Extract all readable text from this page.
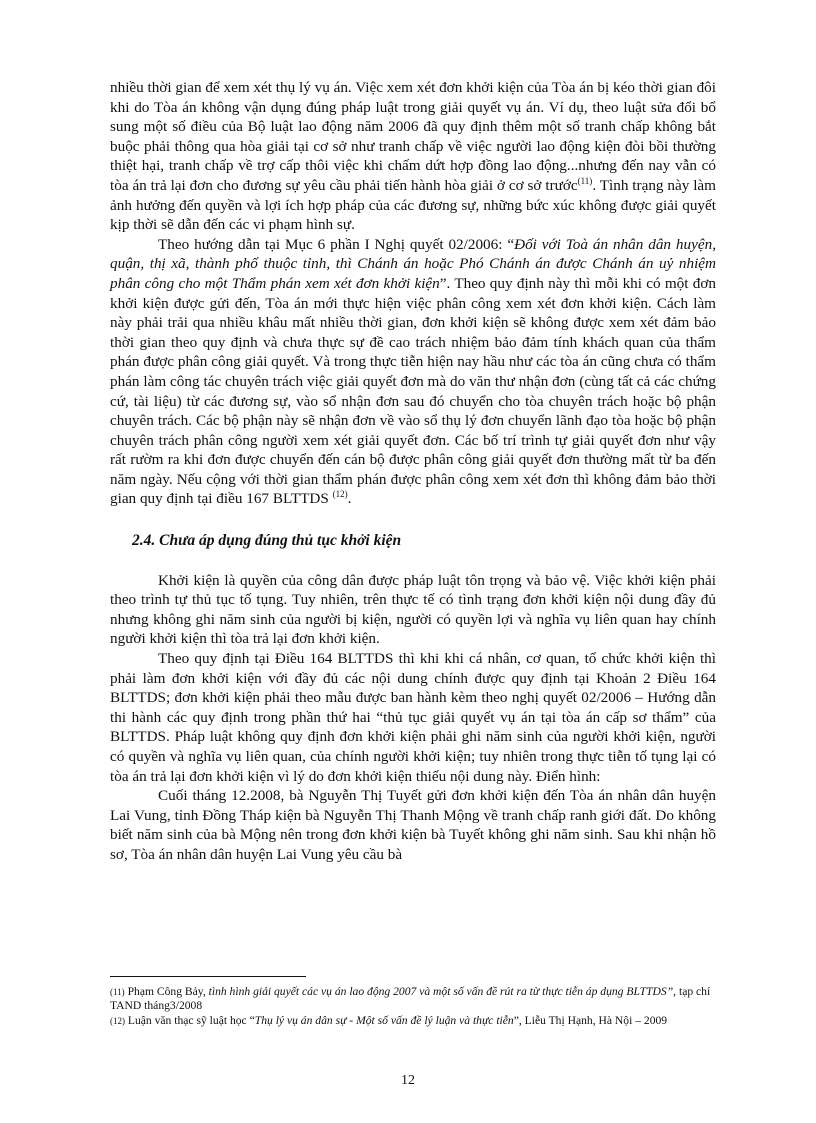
nhiều thời gian để xem xét thụ lý vụ án. Việc xem xét đơn khởi kiện của Tòa án bị kéo thời gian đôi khi do Tòa án không vận dụng đúng pháp luật trong giải quyết vụ án. Ví dụ, theo luật sửa đổi bổ sung một số điều của Bộ luật lao động năm 2006 đã quy định thêm một số tranh chấp không bắt buộc phải thông qua hòa giải tại cơ sở như tranh chấp về việc người lao động kiện đòi bồi thường thiệt hại, tranh chấp về trợ cấp thôi việc khi chấm dứt hợp đồng lao động...nhưng đến nay vẫn có tòa án trả lại đơn cho đương sự yêu cầu phải tiến hành hòa giải ở cơ sở trước$^{(11)}$. Tình trạng này làm ảnh hưởng đến quyền và lợi ích hợp pháp của các đương sự, những bức xúc không được giải quyết kịp thời sẽ dẫn đến các vi phạm hình sự.

Theo hướng dẫn tại Mục 6 phần I Nghị quyết 02/2006: “Đối với Toà án nhân dân huyện, quận, thị xã, thành phố thuộc tỉnh, thì Chánh án hoặc Phó Chánh án được Chánh án uỷ nhiệm phân công cho một Thẩm phán xem xét đơn khởi kiện”. Theo quy định này thì mỗi khi có một đơn khởi kiện được gửi đến, Tòa án mới thực hiện việc phân công xem xét đơn khởi kiện. Cách làm này phải trải qua nhiều khâu mất nhiều thời gian, đơn khởi kiện sẽ không được xem xét đảm bảo thời gian theo quy định và chưa thực sự đề cao trách nhiệm bảo đảm tính khách quan của thẩm phán được phân công giải quyết. Và trong thực tiễn hiện nay hầu như các tòa án cũng chưa có thẩm phán làm công tác chuyên trách việc giải quyết đơn mà do văn thư nhận đơn (cùng tất cả các chứng cứ, tài liệu) từ các đương sự, vào sổ nhận đơn sau đó chuyển cho tòa chuyên trách hoặc bộ phận chuyên trách. Các bộ phận này sẽ nhận đơn về vào sổ thụ lý đơn chuyển lãnh đạo tòa hoặc bộ phận chuyên trách phân công người xem xét giải quyết đơn. Các bố trí trình tự giải quyết đơn như vậy rất rườm ra khi đơn được chuyển đến cán bộ được phân công giải quyết đơn thường mất từ ba đến năm ngày. Nếu cộng với thời gian thẩm phán được phân công xem xét đơn thì không đảm bảo thời gian quy định tại điều 167 BLTTDS $^{(12)}$.

2.4. Chưa áp dụng đúng thủ tục khởi kiện

Khởi kiện là quyền của công dân được pháp luật tôn trọng và bảo vệ. Việc khởi kiện phải theo trình tự thủ tục tố tụng. Tuy nhiên, trên thực tế có tình trạng đơn khởi kiện nội dung đầy đủ nhưng không ghi năm sinh của người bị kiện, người có quyền lợi và nghĩa vụ liên quan hay chính người khởi kiện thì tòa trả lại đơn khởi kiện.

Theo quy định tại Điều 164 BLTTDS thì khi khi cá nhân, cơ quan, tổ chức khởi kiện thì phải làm đơn khởi kiện với đầy đủ các nội dung chính được quy định tại Khoản 2 Điều 164 BLTTDS; đơn khởi kiện phải theo mẫu được ban hành kèm theo nghị quyết 02/2006 – Hướng dẫn thi hành các quy định trong phần thứ hai “thủ tục giải quyết vụ án tại tòa án cấp sơ thẩm” của BLTTDS. Pháp luật không quy định đơn khởi kiện phải ghi năm sinh của người khởi kiện, người có quyền và nghĩa vụ liên quan, của chính người khởi kiện; tuy nhiên trong thực tiễn tố tụng lại có tòa án trả lại đơn khởi kiện vì lý do đơn khởi kiện thiếu nội dung này. Điển hình:

Cuối tháng 12.2008, bà Nguyễn Thị Tuyết gửi đơn khởi kiện đến Tòa án nhân dân huyện Lai Vung, tỉnh Đồng Tháp kiện bà Nguyễn Thị Thanh Mộng về tranh chấp ranh giới đất. Do không biết năm sinh của bà Mộng nên trong đơn khởi kiện bà Tuyết không ghi năm sinh. Sau khi nhận hồ sơ, Tòa án nhân dân huyện Lai Vung yêu cầu bà

(11) Phạm Công Bảy, tình hình giải quyết các vụ án lao động 2007 và một số vấn đề rút ra từ thực tiễn áp dụng BLTTDS”, tạp chí TAND tháng3/2008

(12) Luận văn thạc sỹ luật học “Thụ lý vụ án dân sự - Một số vấn đề lý luận và thực tiễn”, Liễu Thị Hạnh, Hà Nội – 2009

12
